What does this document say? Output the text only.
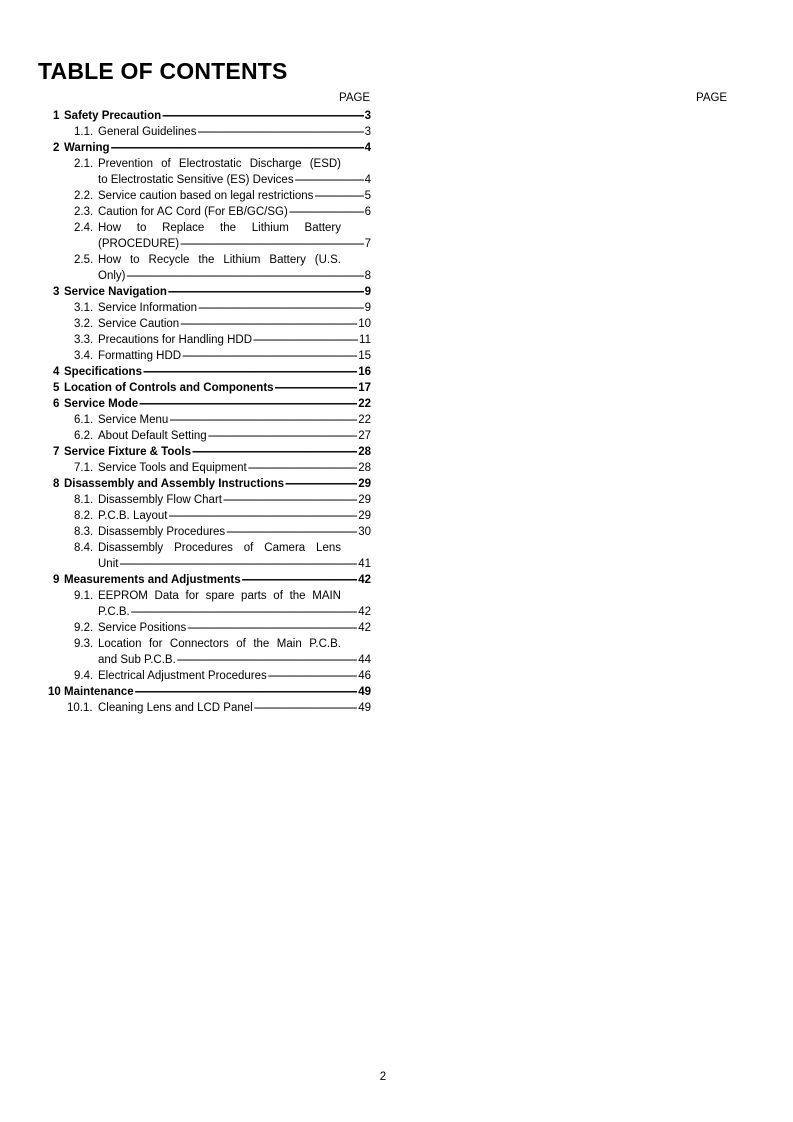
TABLE OF CONTENTS
PAGE	PAGE
1 Safety Precaution -----	3
1.1. General Guidelines -----	3
2 Warning -----	4
2.1. Prevention of Electrostatic Discharge (ESD)
to Electrostatic Sensitive (ES) Devices -----	4
2.2. Service caution based on legal restrictions -----	5
2.3. Caution for AC Cord (For EB/GC/SG) -----	6
2.4. How to Replace the Lithium Battery
(PROCEDURE) -----	7
2.5. How to Recycle the Lithium Battery (U.S.
Only) -----	8
3 Service Navigation -----	9
3.1. Service Information -----	9
3.2. Service Caution -----	10
3.3. Precautions for Handling HDD -----	11
3.4. Formatting HDD -----	15
4 Specifications -----	16
5 Location of Controls and Components -----	17
6 Service Mode -----	22
6.1. Service Menu -----	22
6.2. About Default Setting -----	27
7 Service Fixture & Tools -----	28
7.1. Service Tools and Equipment -----	28
8 Disassembly and Assembly Instructions -----	29
8.1. Disassembly Flow Chart -----	29
8.2. P.C.B. Layout -----	29
8.3. Disassembly Procedures -----	30
8.4. Disassembly Procedures of Camera Lens
Unit -----	41
9 Measurements and Adjustments -----	42
9.1. EEPROM Data for spare parts of the MAIN
P.C.B. -----	42
9.2. Service Positions -----	42
9.3. Location for Connectors of the Main P.C.B.
and Sub P.C.B. -----	44
9.4. Electrical Adjustment Procedures -----	46
10 Maintenance -----	49
10.1. Cleaning Lens and LCD Panel -----	49
2
